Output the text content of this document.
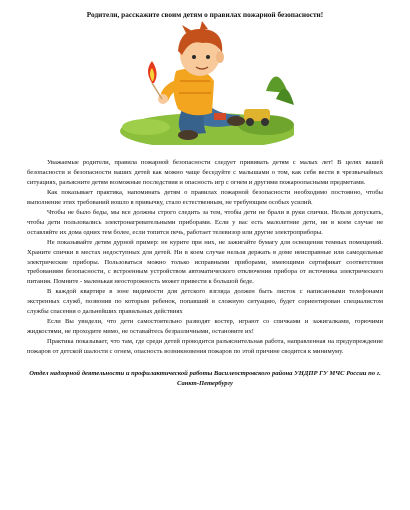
Родители, расскажите своим детям о правилах пожарной безопасности!

Уважаемые родители, правила пожарной безопасности следует прививать детям с малых лет! В целях вашей безопасности и безопасности ваших детей как можно чаще беседуйте с малышами о том, как себя вести в чрезвычайных ситуациях, разъясните детям возможные последствия и опасность игр с огнем и другими пожароопасными предметами.

Как показывает практика, напоминать детям о правилах пожарной безопасности необходимо постоянно, чтобы выполнение этих требований вошло в привычку, стало естественным, не требующим особых усилий.

Чтобы не было беды, мы все должны строго следить за тем, чтобы дети не брали в руки спички. Нельзя допускать, чтобы дети пользовались электронагревательными приборами. Если у вас есть малолетние дети, ни в коем случае не оставляйте их дома одних тем более, если топится печь, работает телевизор или другие электроприборы.

Не показывайте детям дурной пример: не курите при них, не зажигайте бумагу для освещения темных помещений. Храните спички в местах недоступных для детей. Ни в коем случае нельзя держать в доме неисправные или самодельные электрические приборы. Пользоваться можно только исправными приборами, имеющими сертификат соответствия требованиям безопасности, с встроенным устройством автоматического отключения прибора от источника электрического питания. Помните - маленькая неосторожность может привести к большой беде.

В каждой квартире в зоне видимости для детского взгляда должен быть листок с написанными телефонами экстренных служб, позвонив по которым ребенок, попавший в сложную ситуацию, будет сориентирован специалистом службы спасения о дальнейших правильных действиях

Если Вы увидели, что дети самостоятельно разводят костер, играют со спичками и зажигалками, горючими жидкостями, не проходите мимо, не оставайтесь безразличными, остановите их!

Практика показывает, что там, где среди детей проводится разъяснительная работа, направленная на предупреждение пожаров от детской шалости с огнем, опасность возникновения пожаров по этой причине сводится к минимуму.

Отдел надзорной деятельности и профилактической работы Василеостровского района УНДПР ГУ МЧС России по г. Санкт-Петербургу
